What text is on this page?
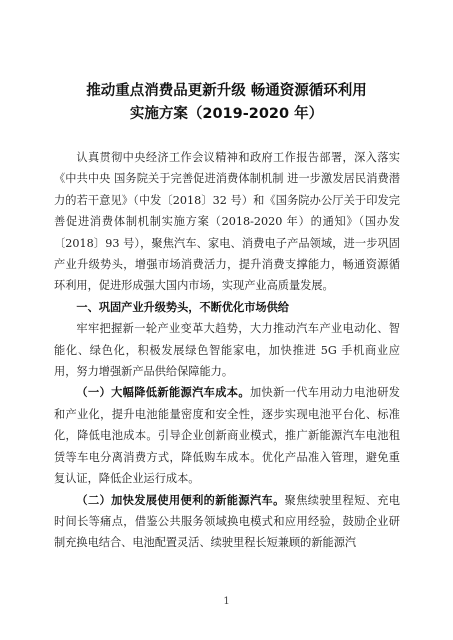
推动重点消费品更新升级 畅通资源循环利用
实施方案（2019-2020 年）

认真贯彻中央经济工作会议精神和政府工作报告部署，深入落实《中共中央 国务院关于完善促进消费体制机制 进一步激发居民消费潜力的若干意见》（中发〔2018〕32 号）和《国务院办公厅关于印发完善促进消费体制机制实施方案（2018-2020 年）的通知》（国办发〔2018〕93 号），聚焦汽车、家电、消费电子产品领域，进一步巩固产业升级势头，增强市场消费活力，提升消费支撑能力，畅通资源循环利用，促进形成强大国内市场，实现产业高质量发展。

一、巩固产业升级势头，不断优化市场供给

牢牢把握新一轮产业变革大趋势，大力推动汽车产业电动化、智能化、绿色化，积极发展绿色智能家电，加快推进 5G 手机商业应用，努力增强新产品供给保障能力。

（一）大幅降低新能源汽车成本。加快新一代车用动力电池研发和产业化，提升电池能量密度和安全性，逐步实现电池平台化、标准化，降低电池成本。引导企业创新商业模式，推广新能源汽车电池租赁等车电分离消费方式，降低购车成本。优化产品准入管理，避免重复认证，降低企业运行成本。

（二）加快发展使用便利的新能源汽车。聚焦续驶里程短、充电时间长等痛点，借鉴公共服务领域换电模式和应用经验，鼓励企业研制充换电结合、电池配置灵活、续驶里程长短兼顾的新能源汽

1
